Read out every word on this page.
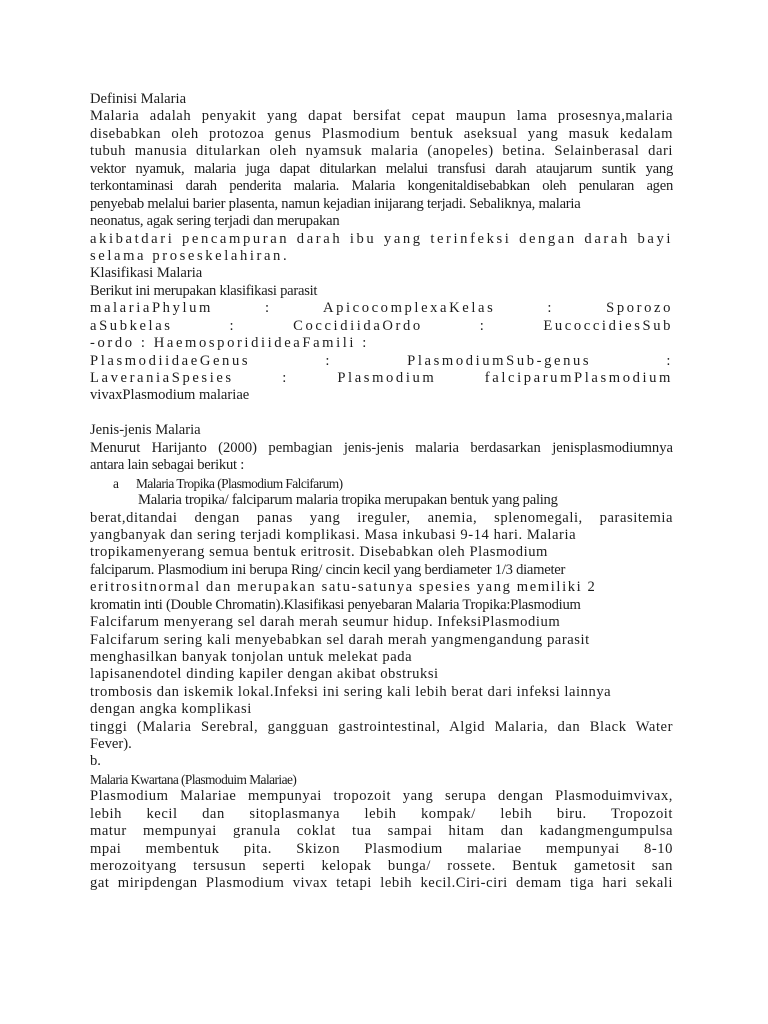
Definisi Malaria
Malaria adalah penyakit yang dapat bersifat cepat maupun lama prosesnya,malaria
disebabkan oleh protozoa genus Plasmodium bentuk aseksual yang masuk kedalam
tubuh manusia ditularkan oleh nyamsuk malaria (anopeles) betina. Selainberasal dari
vektor nyamuk, malaria juga dapat ditularkan melalui transfusi darah ataujarum suntik yang
terkontaminasi darah penderita malaria. Malaria kongenitaldisebabkan oleh penularan agen
penyebab melalui barier plasenta, namun kejadian inijarang terjadi. Sebaliknya, malaria
neonatus, agak sering terjadi dan merupakan
akibatdari pencampuran darah ibu yang terinfeksi dengan darah bayi
selama proseskelahiran.
Klasifikasi Malaria
Berikut ini merupakan klasifikasi parasit
malariaPhylum : ApicocomplexaKelas : Sporozo
aSubkelas : CoccidiidaOrdo : EucoccidiesSub
-ordo : HaemosporidiideaFamili :
PlasmodiidaeGenus : PlasmodiumSub-genus :
LaveraniaSpesies : Plasmodium falciparumPlasmodium
vivaxPlasmodium malariae
Jenis-jenis Malaria
Menurut Harijanto (2000) pembagian jenis-jenis malaria berdasarkan jenisplasmodiumnya
antara lain sebagai berikut :
a	Malaria Tropika (Plasmodium Falcifarum)
Malaria tropika/ falciparum malaria tropika merupakan bentuk yang paling
berat,ditandai dengan panas yang ireguler, anemia, splenomegali, parasitemia
yangbanyak dan sering terjadi komplikasi. Masa inkubasi 9-14 hari. Malaria
tropikamenyerang semua bentuk eritrosit. Disebabkan oleh Plasmodium
falciparum. Plasmodium ini berupa Ring/ cincin kecil yang berdiameter 1/3 diameter
eritrositnormal dan merupakan satu-satunya spesies yang memiliki 2
kromatin inti (Double Chromatin).Klasifikasi penyebaran Malaria Tropika:Plasmodium
Falcifarum menyerang sel darah merah seumur hidup. InfeksiPlasmodium
Falcifarum sering kali menyebabkan sel darah merah yangmengandung parasit
menghasilkan banyak tonjolan untuk melekat pada
lapisanendotel dinding kapiler dengan akibat obstruksi
trombosis dan iskemik lokal.Infeksi ini sering kali lebih berat dari infeksi lainnya
dengan angka komplikasi
tinggi (Malaria Serebral, gangguan gastrointestinal, Algid Malaria, dan Black Water
Fever).
b.
Malaria Kwartana (Plasmoduim Malariae)
Plasmodium Malariae mempunyai tropozoit yang serupa dengan Plasmoduimvivax,
lebih kecil dan sitoplasmanya lebih kompak/ lebih biru. Tropozoit
matur mempunyai granula coklat tua sampai hitam dan kadangmengumpulsa
mpai membentuk pita. Skizon Plasmodium malariae mempunyai 8-10
merozoityang tersusun seperti kelopak bunga/ rossete. Bentuk gametosit san
gat miripdengan Plasmodium vivax tetapi lebih kecil.Ciri-ciri demam tiga hari sekali
